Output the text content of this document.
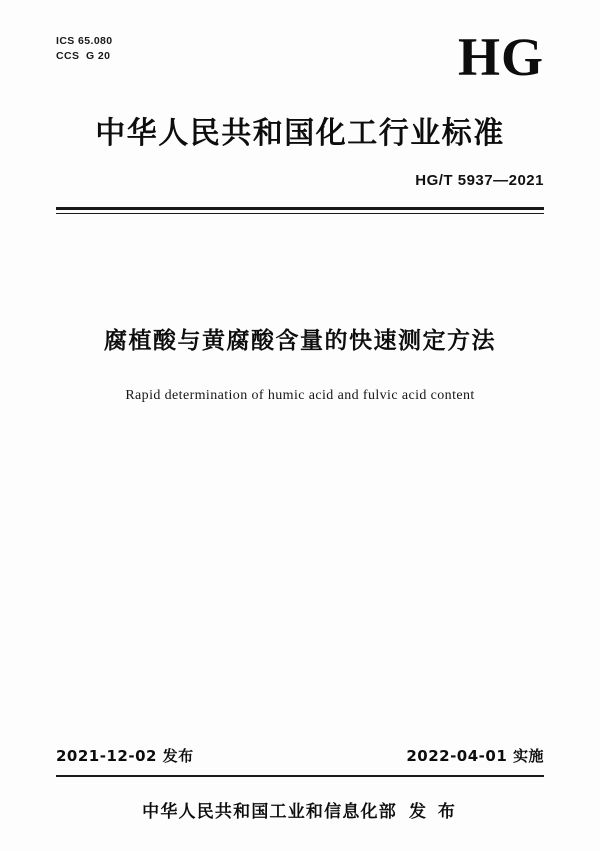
ICS 65.080
CCS  G 20	HG
中华人民共和国化工行业标准
HG/T 5937—2021
腐植酸与黄腐酸含量的快速测定方法
Rapid determination of humic acid and fulvic acid content
2021-12-02 发布	2022-04-01 实施
中华人民共和国工业和信息化部 发 布
